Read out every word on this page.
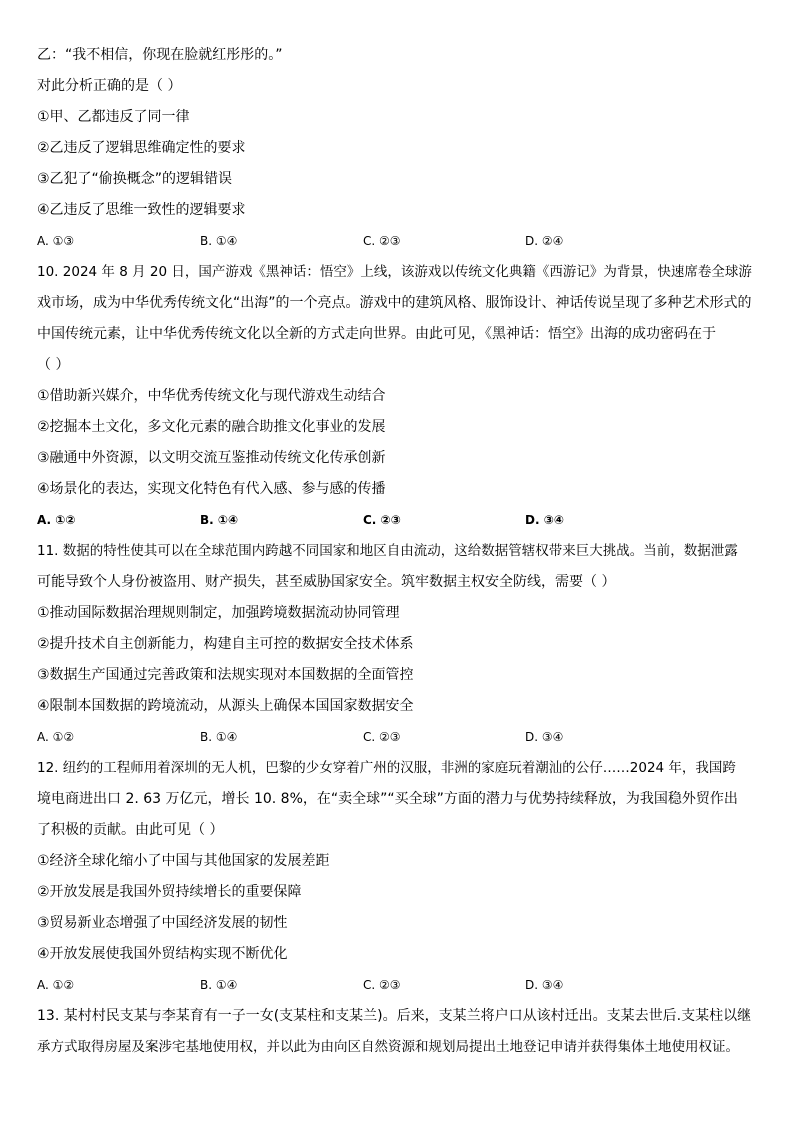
乙：“我不相信，你现在脸就红彤彤的。”
对此分析正确的是（ ）
①甲、乙都违反了同一律
②乙违反了逻辑思维确定性的要求
③乙犯了“偷换概念”的逻辑错误
④乙违反了思维一致性的逻辑要求
A. ①③	B. ①④	C. ②③	D. ②④
10. 2024 年 8 月 20 日，国产游戏《黑神话：悟空》上线，该游戏以传统文化典籍《西游记》为背景，快速席卷全球游
戏市场，成为中华优秀传统文化“出海”的一个亮点。游戏中的建筑风格、服饰设计、神话传说呈现了多种艺术形式的
中国传统元素，让中华优秀传统文化以全新的方式走向世界。由此可见，《黑神话：悟空》出海的成功密码在于
（ ）
①借助新兴媒介，中华优秀传统文化与现代游戏生动结合
②挖掘本土文化，多文化元素的融合助推文化事业的发展
③融通中外资源，以文明交流互鉴推动传统文化传承创新
④场景化的表达，实现文化特色有代入感、参与感的传播
A. ①②	B. ①④	C. ②③	D. ③④
11. 数据的特性使其可以在全球范围内跨越不同国家和地区自由流动，这给数据管辖权带来巨大挑战。当前，数据泄露
可能导致个人身份被盗用、财产损失，甚至威胁国家安全。筑牢数据主权安全防线，需要（ ）
①推动国际数据治理规则制定，加强跨境数据流动协同管理
②提升技术自主创新能力，构建自主可控的数据安全技术体系
③数据生产国通过完善政策和法规实现对本国数据的全面管控
④限制本国数据的跨境流动，从源头上确保本国国家数据安全
A. ①②	B. ①④	C. ②③	D. ③④
12. 纽约的工程师用着深圳的无人机，巴黎的少女穿着广州的汉服，非洲的家庭玩着潮汕的公仔……2024 年，我国跨
境电商进出口 2. 63 万亿元，增长 10. 8%，在“卖全球”“买全球”方面的潜力与优势持续释放，为我国稳外贸作出
了积极的贡献。由此可见（ ）
①经济全球化缩小了中国与其他国家的发展差距
②开放发展是我国外贸持续增长的重要保障
③贸易新业态增强了中国经济发展的韧性
④开放发展使我国外贸结构实现不断优化
A. ①②	B. ①④	C. ②③	D. ③④
13. 某村村民支某与李某育有一子一女(支某柱和支某兰)。后来，支某兰将户口从该村迁出。支某去世后.支某柱以继
承方式取得房屋及案涉宅基地使用权，并以此为由向区自然资源和规划局提出土地登记申请并获得集体土地使用权证。
